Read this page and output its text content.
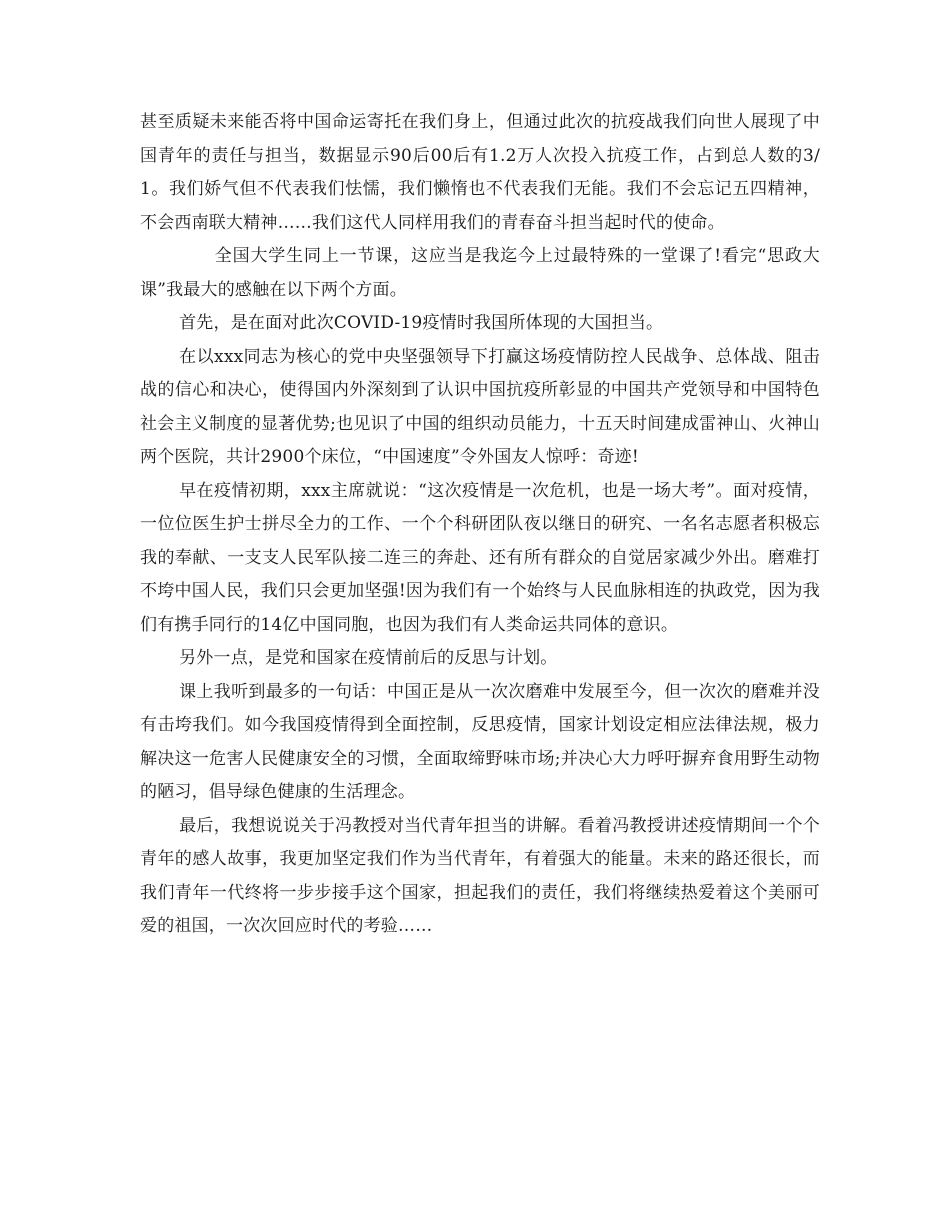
甚至质疑未来能否将中国命运寄托在我们身上，但通过此次的抗疫战我们向世人展现了中国青年的责任与担当，数据显示90后00后有1.2万人次投入抗疫工作，占到总人数的3/1。我们娇气但不代表我们怯懦，我们懒惰也不代表我们无能。我们不会忘记五四精神，不会西南联大精神……我们这代人同样用我们的青春奋斗担当起时代的使命。

全国大学生同上一节课，这应当是我迄今上过最特殊的一堂课了!看完“思政大课”我最大的感触在以下两个方面。

首先，是在面对此次COVID-19疫情时我国所体现的大国担当。

在以xxx同志为核心的党中央坚强领导下打赢这场疫情防控人民战争、总体战、阻击战的信心和决心，使得国内外深刻到了认识中国抗疫所彰显的中国共产党领导和中国特色社会主义制度的显著优势;也见识了中国的组织动员能力，十五天时间建成雷神山、火神山两个医院，共计2900个床位，“中国速度”令外国友人惊呼：奇迹!

早在疫情初期，xxx主席就说：“这次疫情是一次危机，也是一场大考”。面对疫情，一位位医生护士拼尽全力的工作、一个个科研团队夜以继日的研究、一名名志愿者积极忘我的奉献、一支支人民军队接二连三的奔赴、还有所有群众的自觉居家减少外出。磨难打不垮中国人民，我们只会更加坚强!因为我们有一个始终与人民血脉相连的执政党，因为我们有携手同行的14亿中国同胞，也因为我们有人类命运共同体的意识。

另外一点，是党和国家在疫情前后的反思与计划。

课上我听到最多的一句话：中国正是从一次次磨难中发展至今，但一次次的磨难并没有击垮我们。如今我国疫情得到全面控制，反思疫情，国家计划设定相应法律法规，极力解决这一危害人民健康安全的习惯，全面取缔野味市场;并决心大力呼吁摒弃食用野生动物的陋习，倡导绿色健康的生活理念。

最后，我想说说关于冯教授对当代青年担当的讲解。看着冯教授讲述疫情期间一个个青年的感人故事，我更加坚定我们作为当代青年，有着强大的能量。未来的路还很长，而我们青年一代终将一步步接手这个国家，担起我们的责任，我们将继续热爱着这个美丽可爱的祖国，一次次回应时代的考验……
